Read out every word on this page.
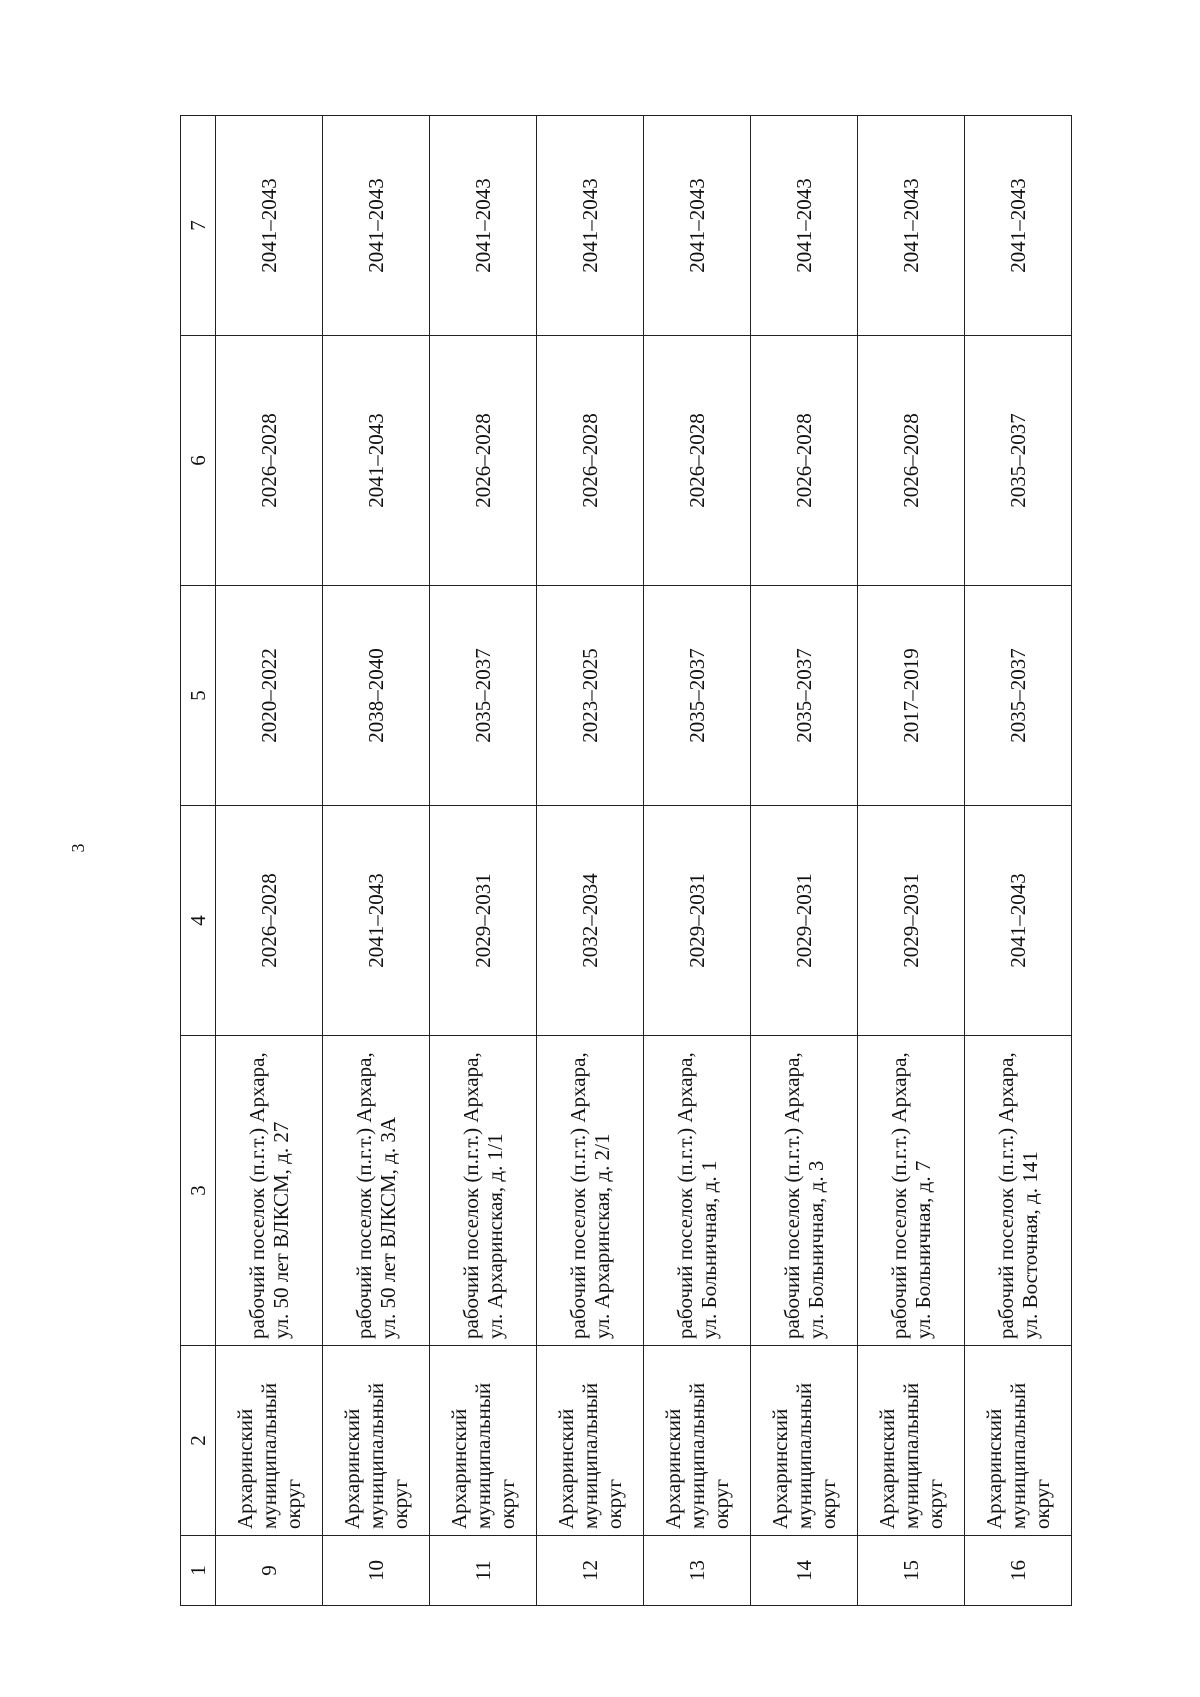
3
1	2	3	4	5	6	7
9	Архаринский муниципальный округ	рабочий поселок (п.г.т.) Архара, ул. 50 лет ВЛКСМ, д. 27	2026–2028	2020–2022	2026–2028	2041–2043
10	Архаринский муниципальный округ	рабочий поселок (п.г.т.) Архара, ул. 50 лет ВЛКСМ, д. 3А	2041–2043	2038–2040	2041–2043	2041–2043
11	Архаринский муниципальный округ	рабочий поселок (п.г.т.) Архара, ул. Архаринская, д. 1/1	2029–2031	2035–2037	2026–2028	2041–2043
12	Архаринский муниципальный округ	рабочий поселок (п.г.т.) Архара, ул. Архаринская, д. 2/1	2032–2034	2023–2025	2026–2028	2041–2043
13	Архаринский муниципальный округ	рабочий поселок (п.г.т.) Архара, ул. Больничная, д. 1	2029–2031	2035–2037	2026–2028	2041–2043
14	Архаринский муниципальный округ	рабочий поселок (п.г.т.) Архара, ул. Больничная, д. 3	2029–2031	2035–2037	2026–2028	2041–2043
15	Архаринский муниципальный округ	рабочий поселок (п.г.т.) Архара, ул. Больничная, д. 7	2029–2031	2017–2019	2026–2028	2041–2043
16	Архаринский муниципальный округ	рабочий поселок (п.г.т.) Архара, ул. Восточная, д. 141	2041–2043	2035–2037	2035–2037	2041–2043
